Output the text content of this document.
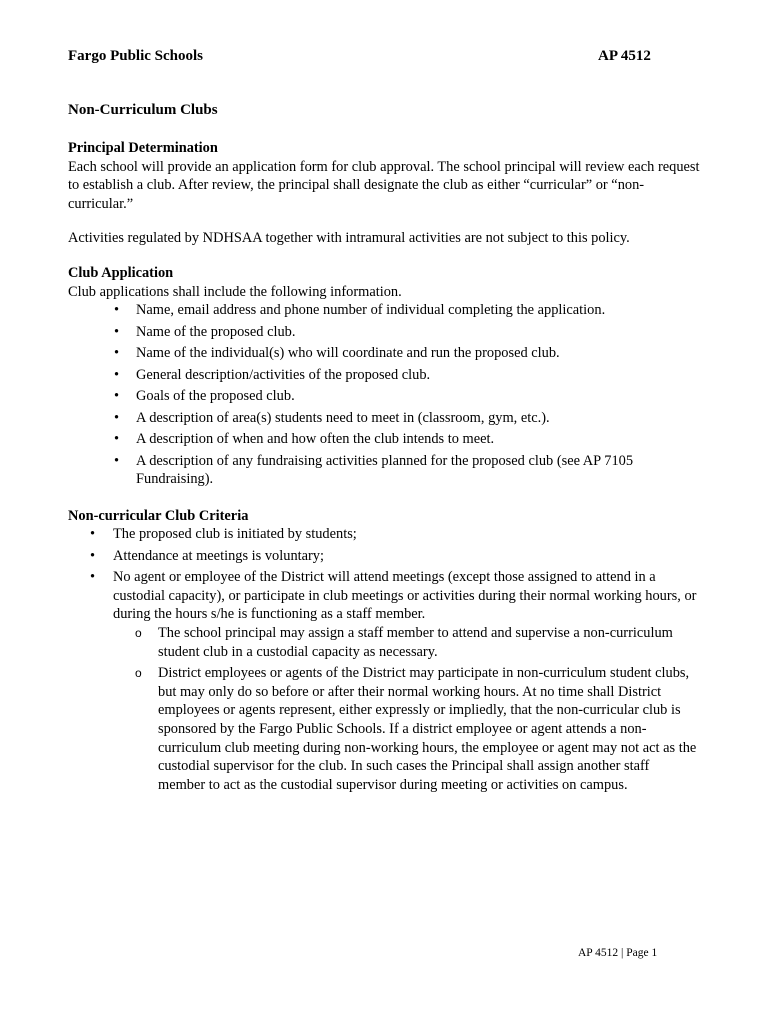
Fargo Public Schools	AP 4512
Non-Curriculum Clubs

Principal Determination

Each school will provide an application form for club approval. The school principal will review each request to establish a club. After review, the principal shall designate the club as either “curricular” or “non-curricular.”

Activities regulated by NDHSAA together with intramural activities are not subject to this policy.

Club Application

Club applications shall include the following information.

• Name, email address and phone number of individual completing the application.
• Name of the proposed club.
• Name of the individual(s) who will coordinate and run the proposed club.
• General description/activities of the proposed club.
• Goals of the proposed club.
• A description of area(s) students need to meet in (classroom, gym, etc.).
• A description of when and how often the club intends to meet.
• A description of any fundraising activities planned for the proposed club (see AP 7105 Fundraising).

Non-curricular Club Criteria

• The proposed club is initiated by students;
• Attendance at meetings is voluntary;
• No agent or employee of the District will attend meetings (except those assigned to attend in a custodial capacity), or participate in club meetings or activities during their normal working hours, or during the hours s/he is functioning as a staff member.
o The school principal may assign a staff member to attend and supervise a non-curriculum student club in a custodial capacity as necessary.
o District employees or agents of the District may participate in non-curriculum student clubs, but may only do so before or after their normal working hours. At no time shall District employees or agents represent, either expressly or impliedly, that the non-curricular club is sponsored by the Fargo Public Schools. If a district employee or agent attends a non-curriculum club meeting during non-working hours, the employee or agent may not act as the custodial supervisor for the club. In such cases the Principal shall assign another staff member to act as the custodial supervisor during meeting or activities on campus.
AP 4512 | Page 1
